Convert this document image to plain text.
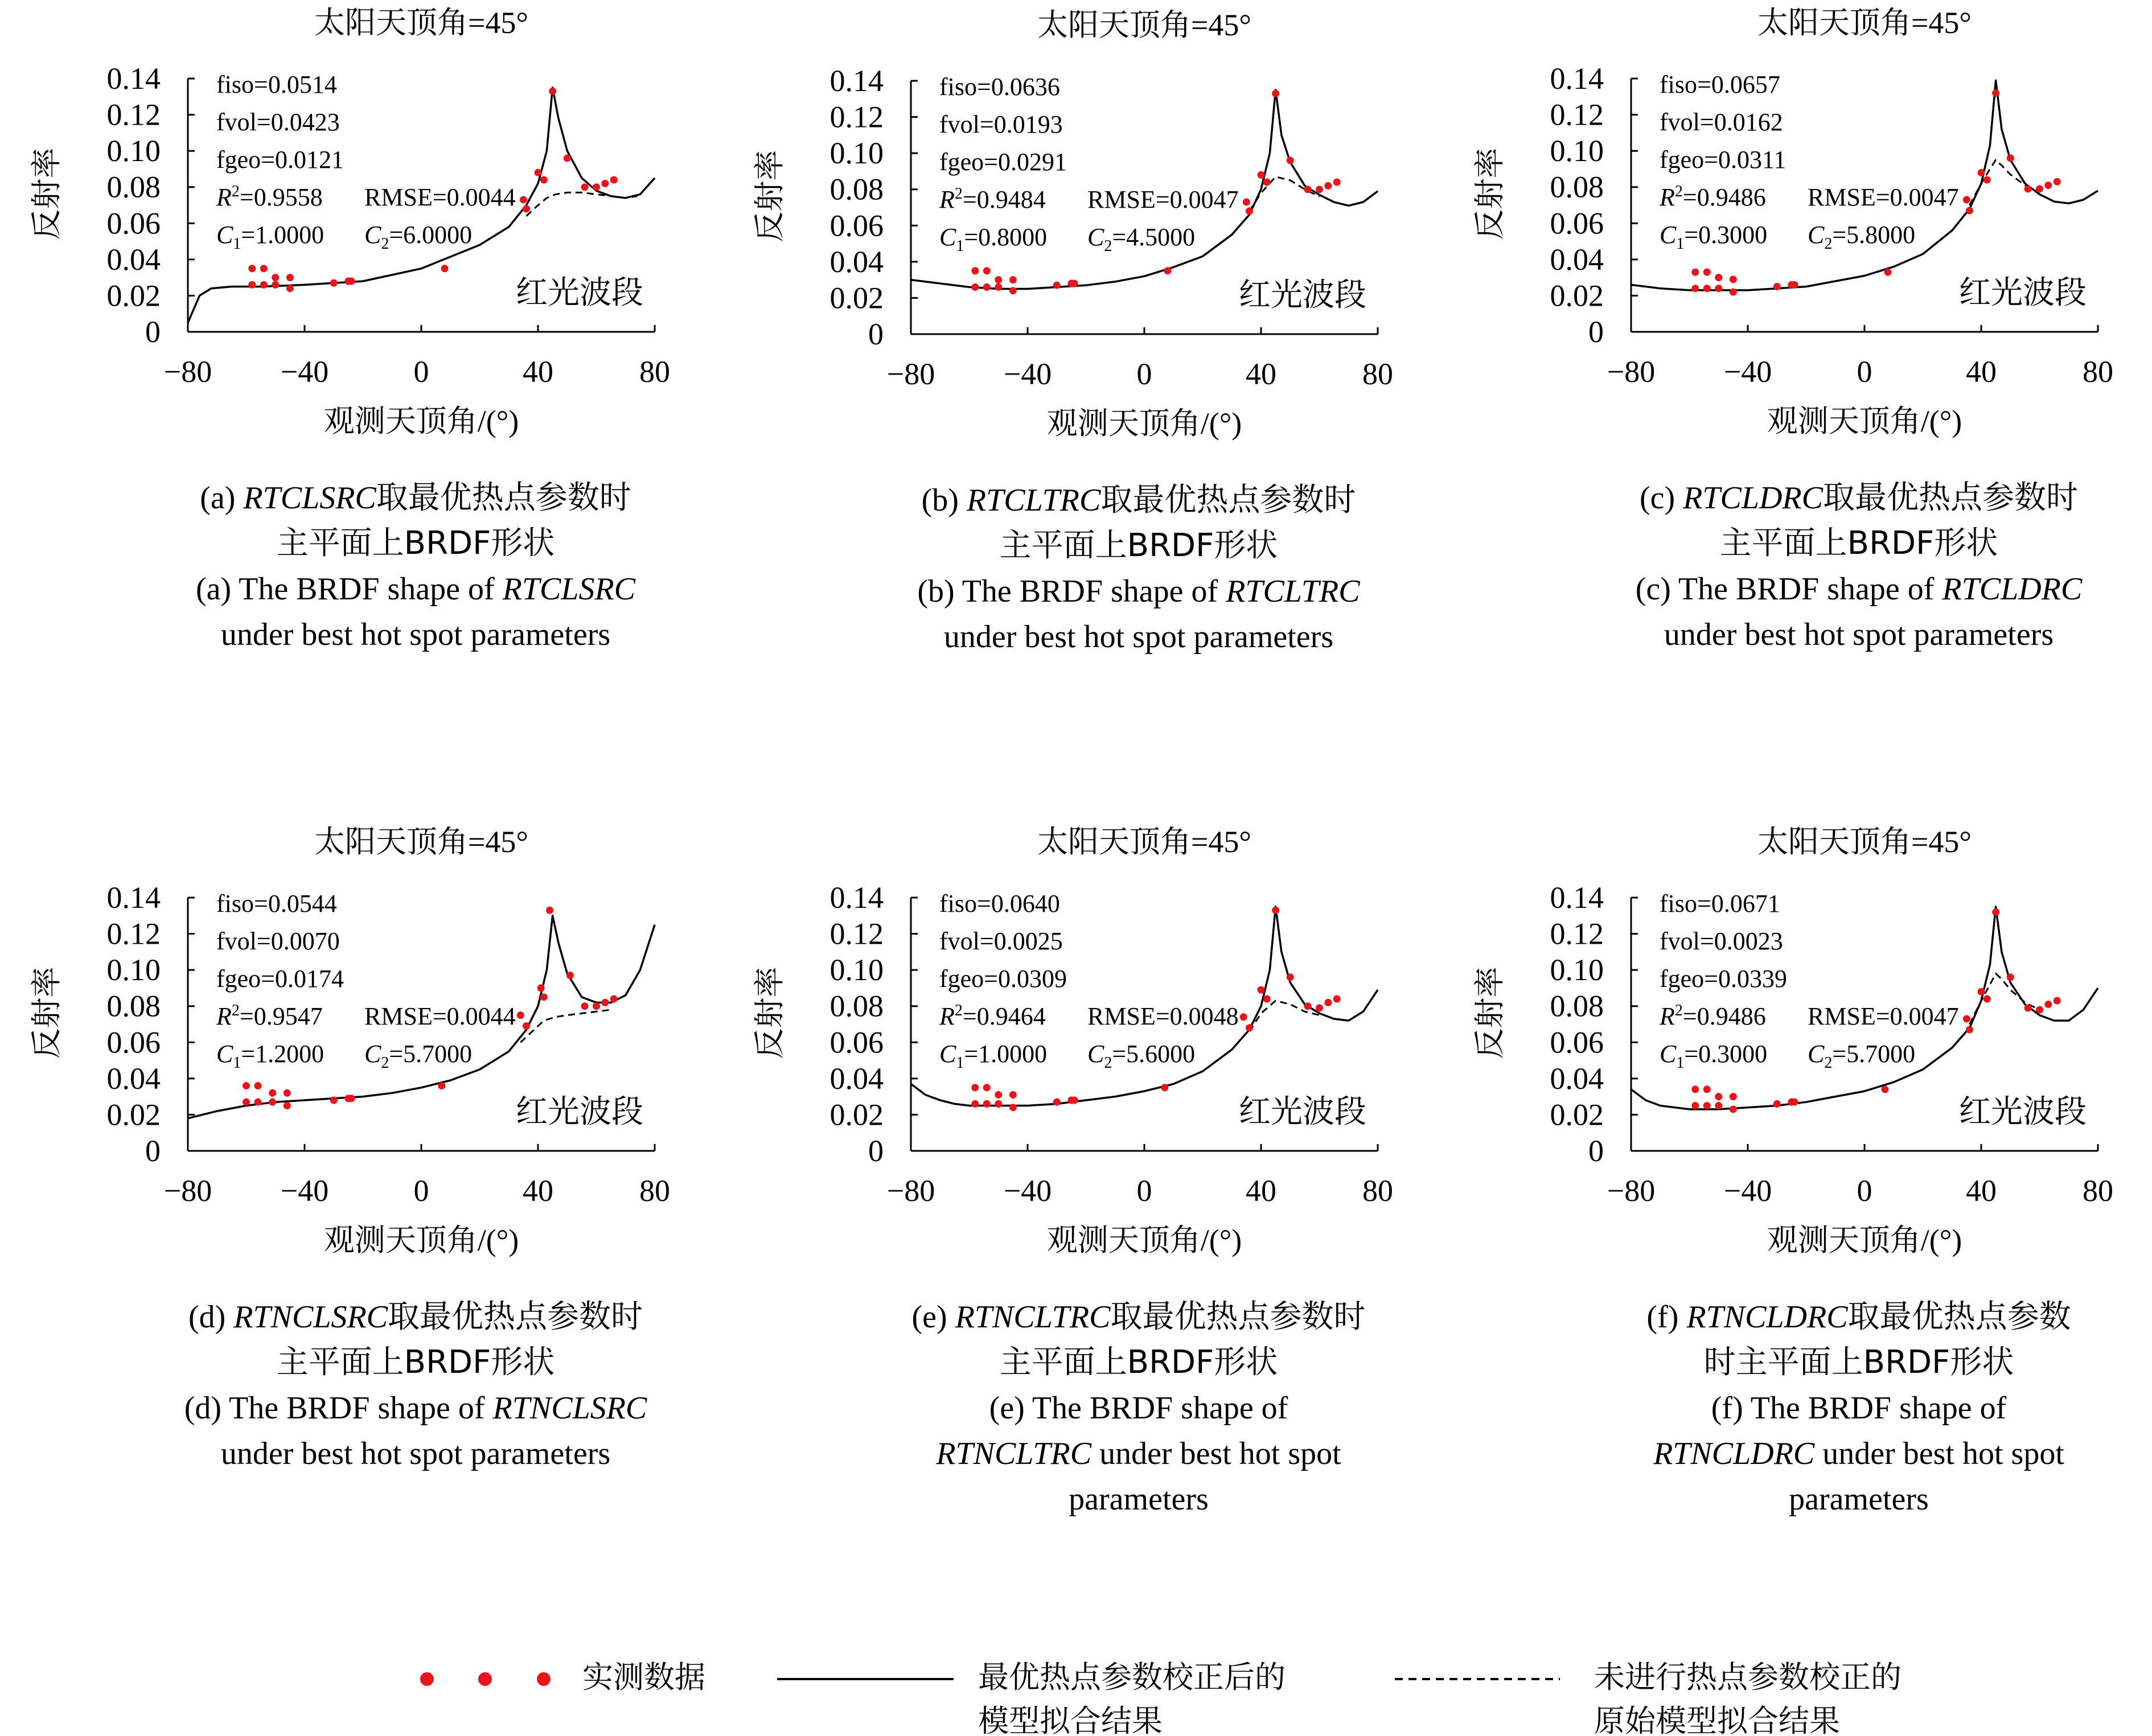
0
0.02
0.04
0.06
0.08
0.10
0.12
0.14
−80 −40	0	40	80
太阳天顶角=45°
观测天顶角/(°)
反射率
红光波段
fiso=0.0514
fvol=0.0423
fgeo=0.0121
$R^2=0.9558$ RMSE=0.0044
$C_1=1.0000$ $C_2=6.0000$
(a) RTCLSRC取最优热点参数时
主平面上BRDF形状
(a) The BRDF shape of RTCLSRC
under best hot spot parameters
0
0.02
0.04
0.06
0.08
0.10
0.12
0.14
−80 −40	0	40	80
太阳天顶角=45°
观测天顶角/(°)
反射率
红光波段
fiso=0.0636
fvol=0.0193
fgeo=0.0291
$R^2=0.9484$ RMSE=0.0047
$C_1=0.8000$ $C_2=4.5000$
(b) RTCLTRC取最优热点参数时
主平面上BRDF形状
(b) The BRDF shape of RTCLTRC
under best hot spot parameters
0
0.02
0.04
0.06
0.08
0.10
0.12
0.14
−80 −40	0	40	80
太阳天顶角=45°
观测天顶角/(°)
反射率
红光波段
fiso=0.0657
fvol=0.0162
fgeo=0.0311
$R^2=0.9486$ RMSE=0.0047
$C_1=0.3000$ $C_2=5.8000$
(c) RTCLDRC取最优热点参数时
主平面上BRDF形状
(c) The BRDF shape of RTCLDRC
under best hot spot parameters
0
0.02
0.04
0.06
0.08
0.10
0.12
0.14
−80 −40	0	40	80
太阳天顶角=45°
观测天顶角/(°)
反射率
红光波段
fiso=0.0544
fvol=0.0070
fgeo=0.0174
$R^2=0.9547$ RMSE=0.0044
$C_1=1.2000$ $C_2=5.7000$
(d) RTNCLSRC取最优热点参数时
主平面上BRDF形状
(d) The BRDF shape of RTNCLSRC
under best hot spot parameters
0
0.02
0.04
0.06
0.08
0.10
0.12
0.14
−80 −40	0	40	80
太阳天顶角=45°
观测天顶角/(°)
反射率
红光波段
fiso=0.0640
fvol=0.0025
fgeo=0.0309
$R^2=0.9464$ RMSE=0.0048
$C_1=1.0000$ $C_2=5.6000$
(e) RTNCLTRC取最优热点参数时
主平面上BRDF形状
(e) The BRDF shape of
RTNCLTRC under best hot spot
parameters
0
0.02
0.04
0.06
0.08
0.10
0.12
0.14
−80 −40	0	40	80
太阳天顶角=45°
观测天顶角/(°)
反射率
红光波段
fiso=0.0671
fvol=0.0023
fgeo=0.0339
$R^2=0.9486$ RMSE=0.0047
$C_1=0.3000$ $C_2=5.7000$
(f) RTNCLDRC取最优热点参数
时主平面上BRDF形状
(f) The BRDF shape of
RTNCLDRC under best hot spot
parameters
实测数据	最优热点参数校正后的
模型拟合结果
未进行热点参数校正的
原始模型拟合结果
